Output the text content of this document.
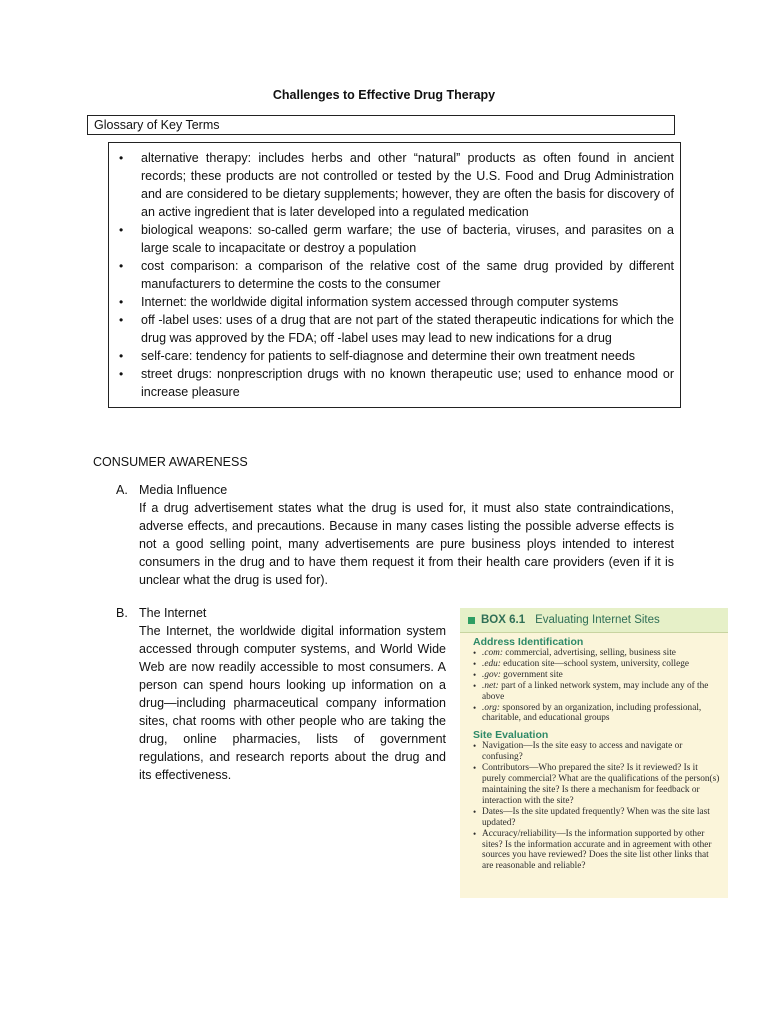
Challenges to Effective Drug Therapy
Glossary of Key Terms
• alternative therapy: includes herbs and other “natural” products as often found in ancient records; these products are not controlled or tested by the U.S. Food and Drug Administration and are considered to be dietary supplements; however, they are often the basis for discovery of an active ingredient that is later developed into a regulated medication
• biological weapons: so-called germ warfare; the use of bacteria, viruses, and parasites on a large scale to incapacitate or destroy a population
• cost comparison: a comparison of the relative cost of the same drug provided by different manufacturers to determine the costs to the consumer
• Internet: the worldwide digital information system accessed through computer systems
• off -label uses: uses of a drug that are not part of the stated therapeutic indications for which the drug was approved by the FDA; off -label uses may lead to new indications for a drug
• self-care: tendency for patients to self-diagnose and determine their own treatment needs
• street drugs: nonprescription drugs with no known therapeutic use; used to enhance mood or increase pleasure
CONSUMER AWARENESS
A. Media Influence
If a drug advertisement states what the drug is used for, it must also state contraindications, adverse effects, and precautions. Because in many cases listing the possible adverse effects is not a good selling point, many advertisements are pure business ploys intended to interest consumers in the drug and to have them request it from their health care providers (even if it is unclear what the drug is used for).
B. The Internet
The Internet, the worldwide digital information system accessed through computer systems, and World Wide Web are now readily accessible to most consumers. A person can spend hours looking up information on a drug—including pharmaceutical company information sites, chat rooms with other people who are taking the drug, online pharmacies, lists of government regulations, and research reports about the drug and its effectiveness.
BOX 6.1 Evaluating Internet Sites
Address Identification
• .com: commercial, advertising, selling, business site
• .edu: education site—school system, university, college
• .gov: government site
• .net: part of a linked network system, may include any of the above
• .org: sponsored by an organization, including professional, charitable, and educational groups
Site Evaluation
• Navigation—Is the site easy to access and navigate or confusing?
• Contributors—Who prepared the site? Is it reviewed? Is it purely commercial? What are the qualifications of the person(s) maintaining the site? Is there a mechanism for feedback or interaction with the site?
• Dates—Is the site updated frequently? When was the site last updated?
• Accuracy/reliability—Is the information supported by other sites? Is the information accurate and in agreement with other sources you have reviewed? Does the site list other links that are reasonable and reliable?
